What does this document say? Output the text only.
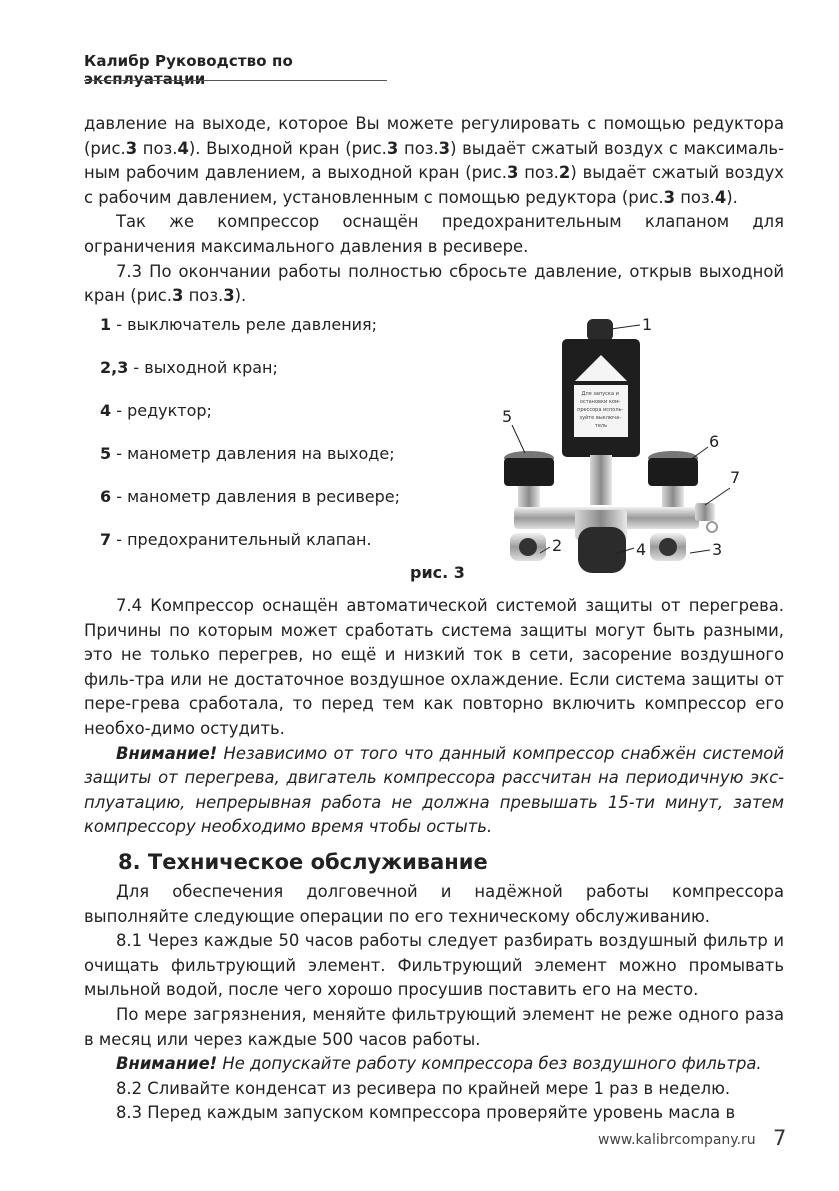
Калибр Руководство по эксплуатации

давление на выходе, которое Вы можете регулировать с помощью редуктора (рис.3 поз.4). Выходной кран (рис.3 поз.3) выдаёт сжатый воздух с максималь- ным рабочим давлением, а выходной кран (рис.3 поз.2) выдаёт сжатый воздух с рабочим давлением, установленным с помощью редуктора (рис.3 поз.4).

Так же компрессор оснащён предохранительным клапаном для ограничения максимального давления в ресивере.

7.3 По окончании работы полностью сбросьте давление, открыв выходной кран (рис.3 поз.3).

1 - выключатель реле давления;
2,3 - выходной кран;
4 - редуктор;
5 - манометр давления на выходе;
6 - манометр давления в ресивере;
7 - предохранительный клапан.
рис. 3
Для запуска и остановки ком- прессора исполь- зуйте выключа- тель
1
5
6
7
2	4	3

7.4 Компрессор оснащён автоматической системой защиты от перегрева. Причины по которым может сработать система защиты могут быть разными, это не только перегрев, но ещё и низкий ток в сети, засорение воздушного филь-тра или не достаточное воздушное охлаждение. Если система защиты от пере-грева сработала, то перед тем как повторно включить компрессор его необхо-димо остудить.

Внимание! Независимо от того что данный компрессор снабжён системой защиты от перегрева, двигатель компрессора рассчитан на периодичную экс-плуатацию, непрерывная работа не должна превышать 15-ти минут, затем компрессору необходимо время чтобы остыть.

8. Техническое обслуживание

Для обеспечения долговечной и надёжной работы компрессора выполняйте следующие операции по его техническому обслуживанию.

8.1 Через каждые 50 часов работы следует разбирать воздушный фильтр и очищать фильтрующий элемент. Фильтрующий элемент можно промывать мыльной водой, после чего хорошо просушив поставить его на место.

По мере загрязнения, меняйте фильтрующий элемент не реже одного раза в месяц или через каждые 500 часов работы.

Внимание! Не допускайте работу компрессора без воздушного фильтра.

8.2 Сливайте конденсат из ресивера по крайней мере 1 раз в неделю.

8.3 Перед каждым запуском компрессора проверяйте уровень масла в

www.kalibrcompany.ru 7
